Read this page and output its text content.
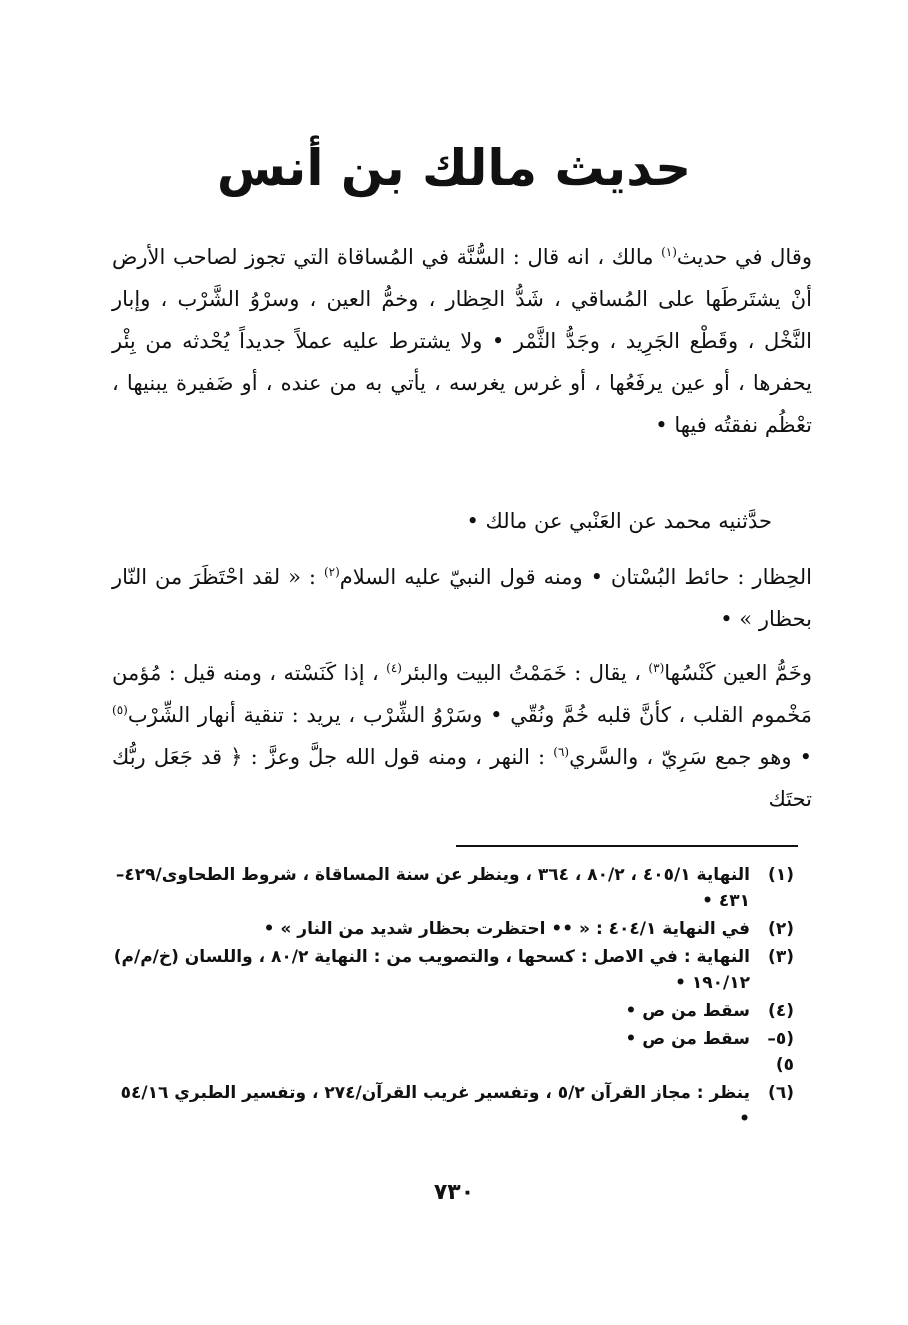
حديث مالك بن أنس

وقال في حديث$^{(١)}$ مالك ، انه قال : السُّنَّة في المُساقاة التي تجوز لصاحب الأرض أنْ يشتَرطَها على المُساقي ، شَدُّ الحِظار ، وخمُّ العين ، وسرْوُ الشَّرْب ، وإبار النَّخْل ، وقَطْع الجَرِيد ، وجَدُّ الثَّمْر • ولا يشترط عليه عملاً جديداً يُحْدثه من بِئْر يحفرها ، أو عين يرفَعُها ، أو غرس يغرسه ، يأتي به من عنده ، أو ضَفيرة يبنيها ، تعْظُم نفقتُه فيها •

حدَّثنيه محمد عن العَنْبي عن مالك •

الحِظار : حائط البُسْتان • ومنه قول النبيّ عليه السلام$^{(٢)}$ : « لقد احْتَظَرَ من النّار بحظار » •

وخَمُّ العين كَنْسُها$^{(٣)}$ ، يقال : خَمَمْتُ البيت والبئر$^{(٤)}$ ، إذا كَنَسْته ، ومنه قيل : مُؤمن مَخْموم القلب ، كأنَّ قلبه خُمَّ ونُقّي • وسَرْوُ الشِّرْب ، يريد : تنقية أنهار الشِّرْب$^{(٥)}$ • وهو جمع سَرِيّ ، والسَّري$^{(٦)}$ : النهر ، ومنه قول الله جلَّ وعزَّ : ﴿ قد جَعَل ربُّك تحتَك

(١)
النهاية ٤٠٥/١ ، ٨٠/٢ ، ٣٦٤ ، وينظر عن سنة المساقاة ، شروط الطحاوى/٤٢٩–٤٣١ •
(٢)
في النهاية ٤٠٤/١ : « •• احتظرت بحظار شديد من النار » •
(٣)
النهاية : في الاصل : كسحها ، والتصويب من : النهاية ٨٠/٢ ، واللسان (خ/م/م) ١٩٠/١٢ •
(٤)
سقط من ص •
(٥–٥)
سقط من ص •
(٦)
ينظر : مجاز القرآن ٥/٢ ، وتفسير غريب القرآن/٢٧٤ ، وتفسير الطبري ٥٤/١٦ •
٧٣٠
